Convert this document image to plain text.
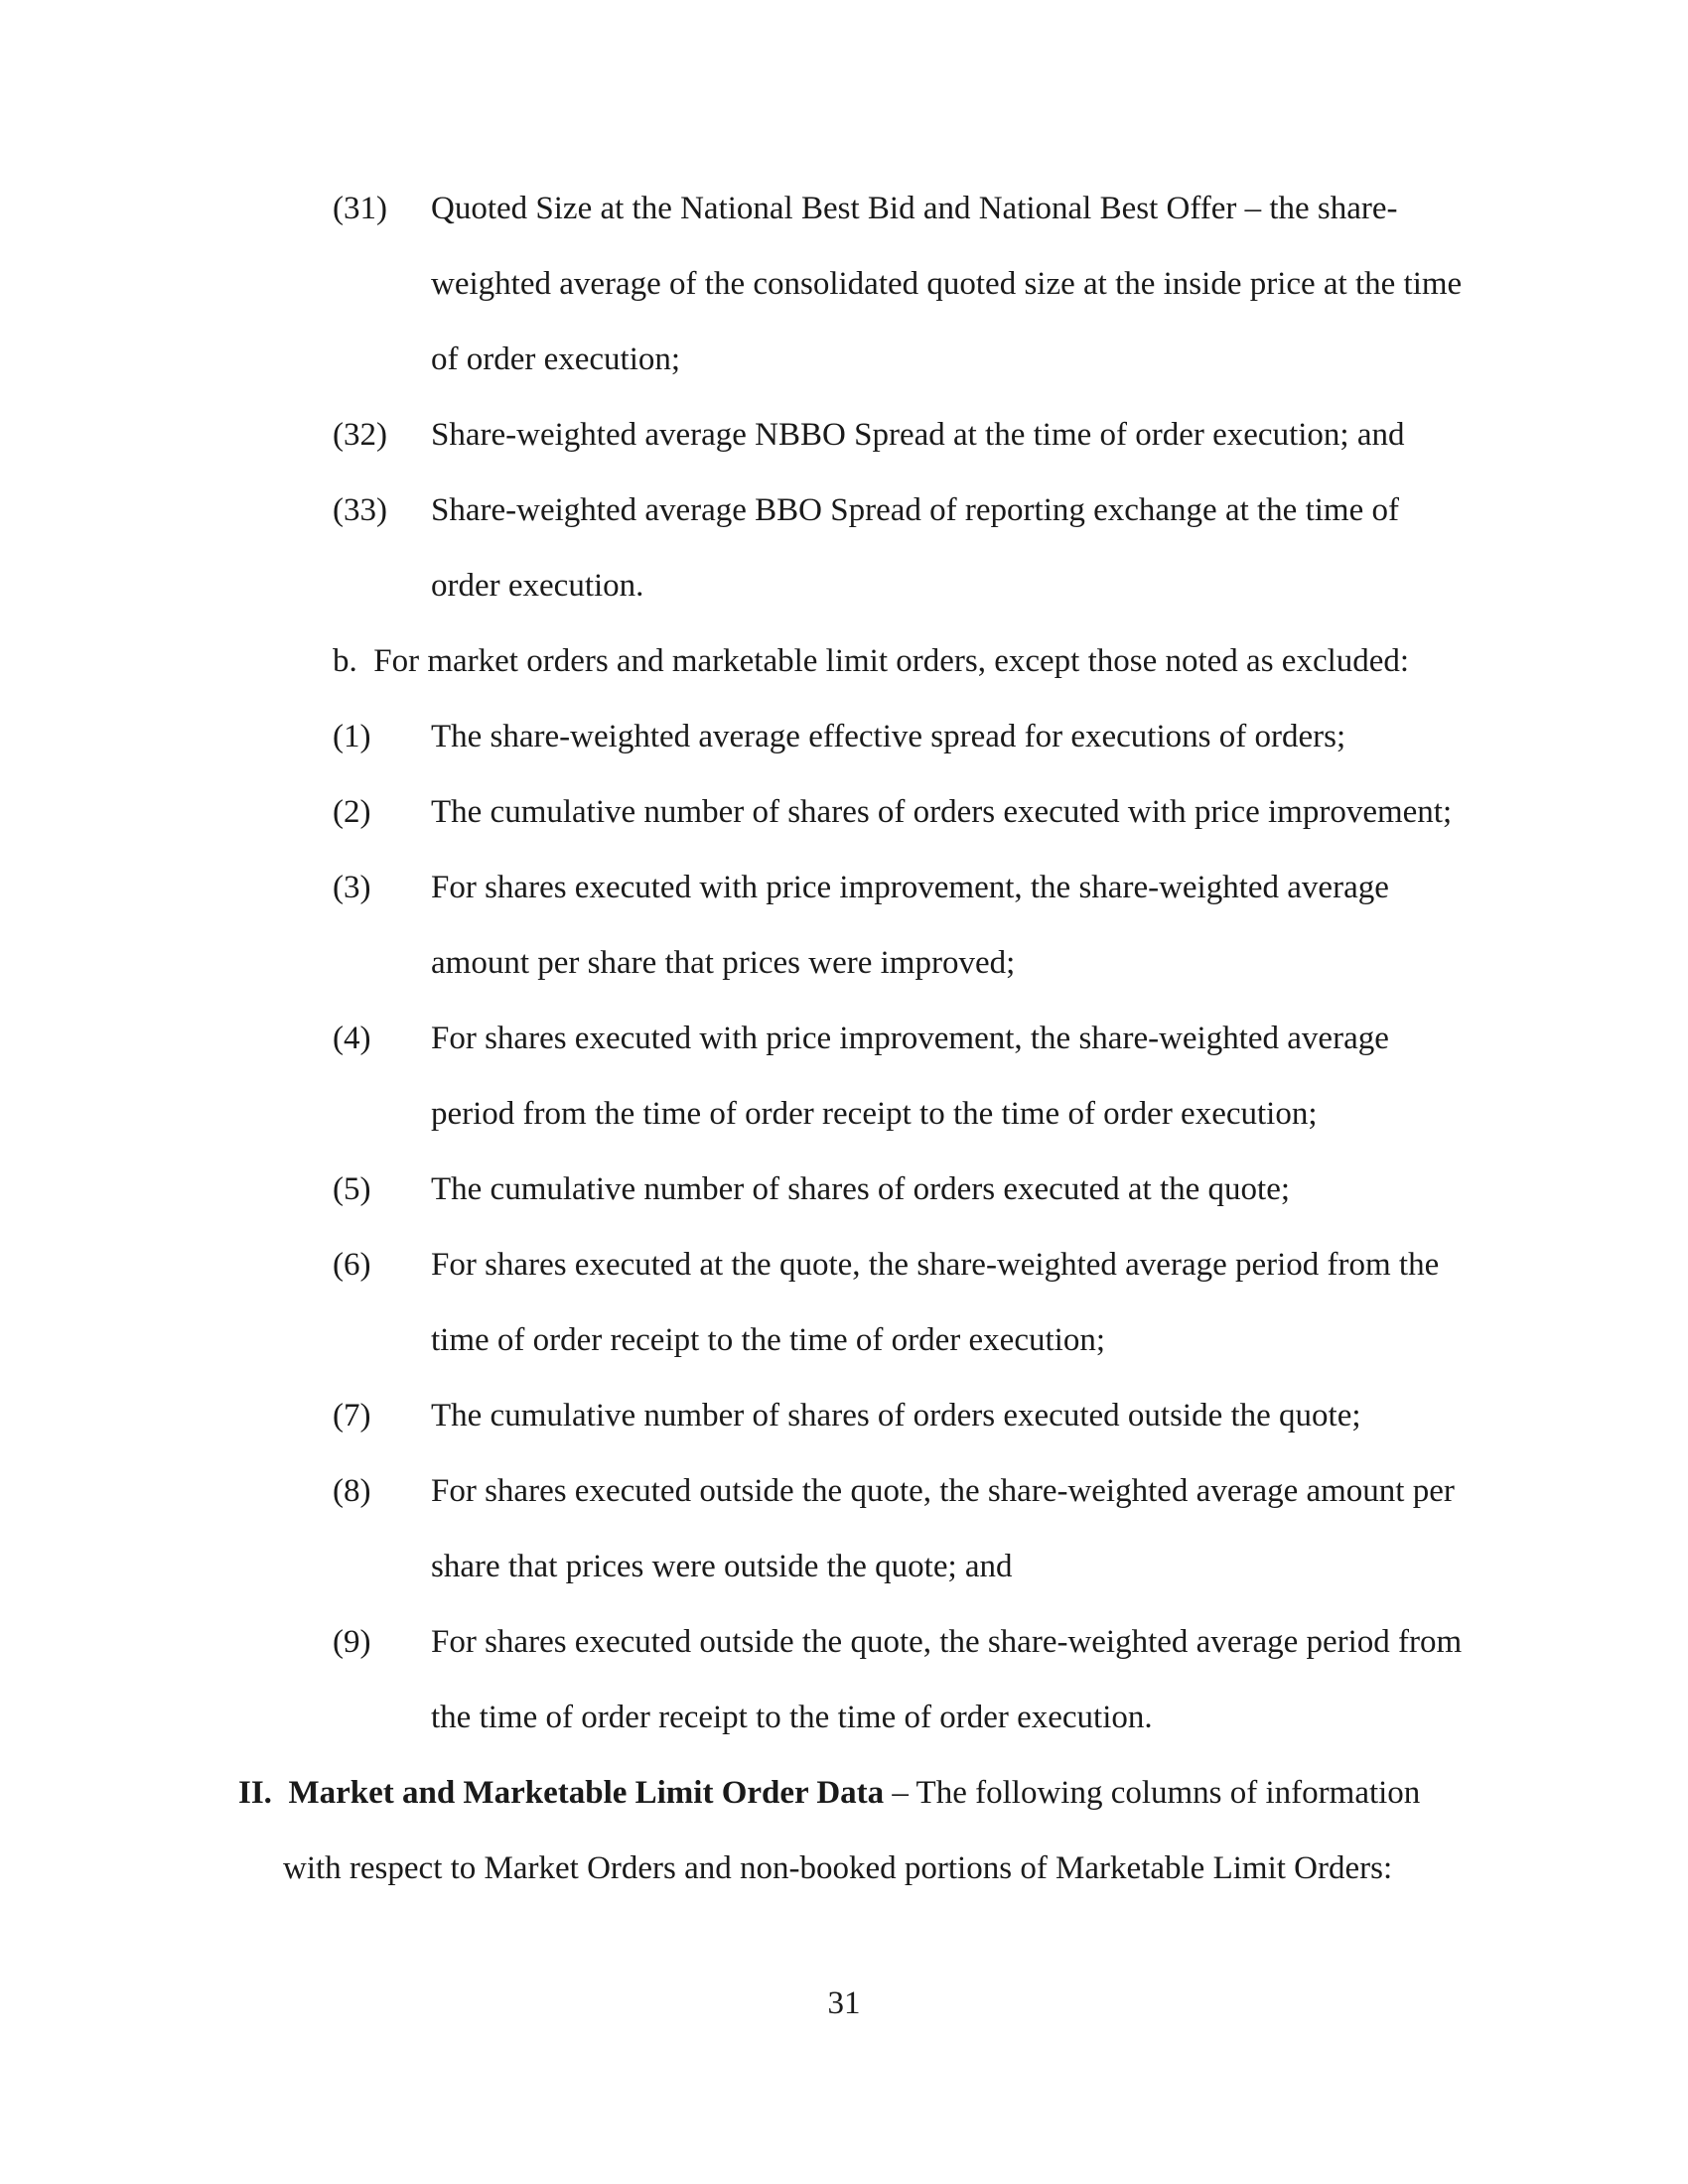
(31) Quoted Size at the National Best Bid and National Best Offer – the share-
weighted average of the consolidated quoted size at the inside price at the time
of order execution;
(32) Share-weighted average NBBO Spread at the time of order execution; and
(33) Share-weighted average BBO Spread of reporting exchange at the time of
order execution.
b.  For market orders and marketable limit orders, except those noted as excluded:
(1) The share-weighted average effective spread for executions of orders;
(2) The cumulative number of shares of orders executed with price improvement;
(3) For shares executed with price improvement, the share-weighted average
amount per share that prices were improved;
(4) For shares executed with price improvement, the share-weighted average
period from the time of order receipt to the time of order execution;
(5) The cumulative number of shares of orders executed at the quote;
(6) For shares executed at the quote, the share-weighted average period from the
time of order receipt to the time of order execution;
(7) The cumulative number of shares of orders executed outside the quote;
(8) For shares executed outside the quote, the share-weighted average amount per
share that prices were outside the quote; and
(9) For shares executed outside the quote, the share-weighted average period from
the time of order receipt to the time of order execution.
II. Market and Marketable Limit Order Data – The following columns of information
with respect to Market Orders and non-booked portions of Marketable Limit Orders:
31
